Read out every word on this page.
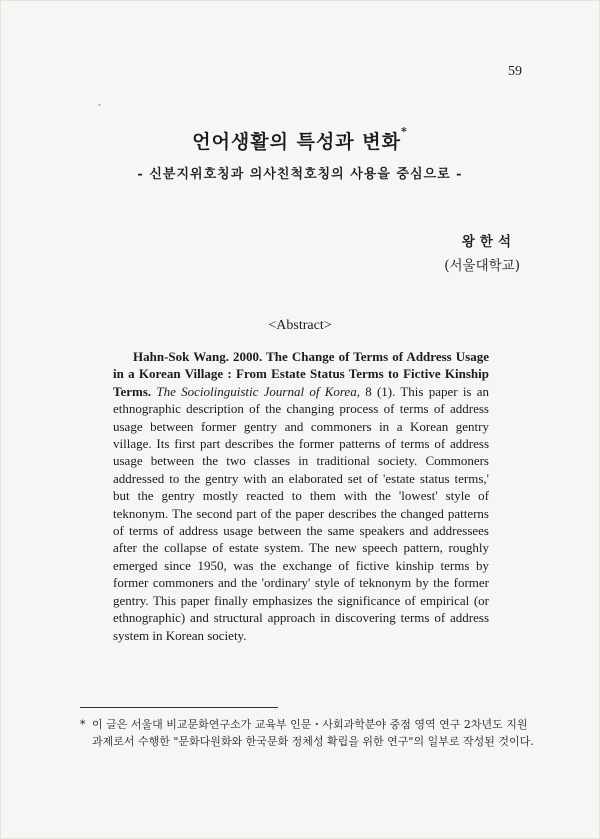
59
언어생활의 특성과 변화*
- 신분지위호칭과 의사친척호칭의 사용을 중심으로 -
왕한석
(서울대학교)
<Abstract>
Hahn-Sok Wang. 2000. The Change of Terms of Address Usage in a Korean Village : From Estate Status Terms to Fictive Kinship Terms. The Sociolinguistic Journal of Korea, 8 (1). This paper is an ethnographic description of the changing process of terms of address usage between former gentry and commoners in a Korean gentry village. Its first part describes the former patterns of terms of address usage between the two classes in traditional society. Commoners addressed to the gentry with an elaborated set of 'estate status terms,' but the gentry mostly reacted to them with the 'lowest' style of teknonym. The second part of the paper describes the changed patterns of terms of address usage between the same speakers and addressees after the collapse of estate system. The new speech pattern, roughly emerged since 1950, was the exchange of fictive kinship terms by former commoners and the 'ordinary' style of teknonym by the former gentry. This paper finally emphasizes the significance of empirical (or ethnographic) and structural approach in discovering terms of address system in Korean society.
* 이 글은 서울대 비교문화연구소가 교육부 인문・사회과학분야 중점 영역 연구 2차년도 지원과제로서 수행한 "문화다원화와 한국문화 정체성 확립을 위한 연구"의 일부로 작성된 것이다.
